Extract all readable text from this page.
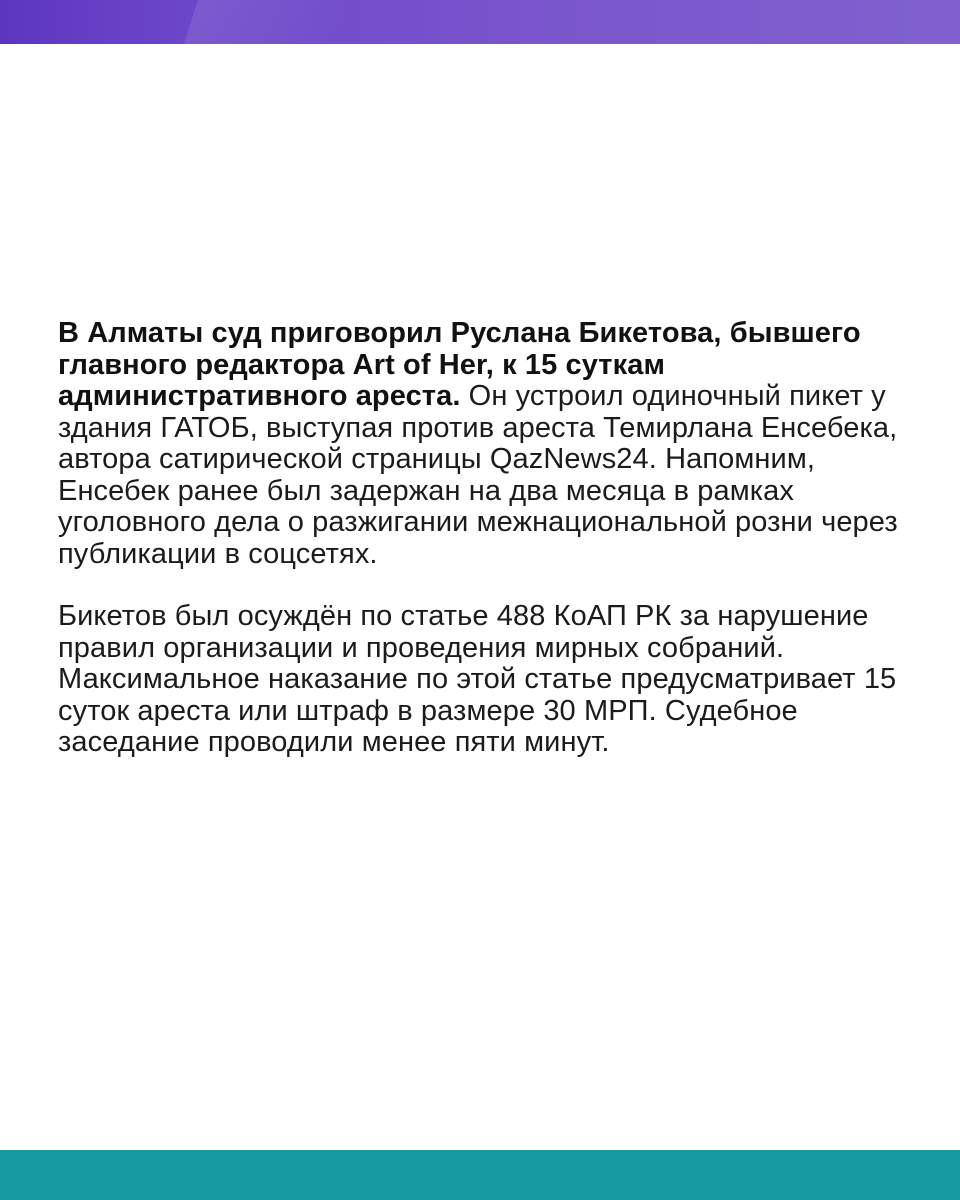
В Алматы суд приговорил Руслана Бикетова, бывшего главного редактора Art of Her, к 15 суткам административного ареста. Он устроил одиночный пикет у здания ГАТОБ, выступая против ареста Темирлана Енсебека, автора сатирической страницы QazNews24. Напомним, Енсебек ранее был задержан на два месяца в рамках уголовного дела о разжигании межнациональной розни через публикации в соцсетях.

Бикетов был осуждён по статье 488 КоАП РК за нарушение правил организации и проведения мирных собраний. Максимальное наказание по этой статье предусматривает 15 суток ареста или штраф в размере 30 МРП. Судебное заседание проводили менее пяти минут.
